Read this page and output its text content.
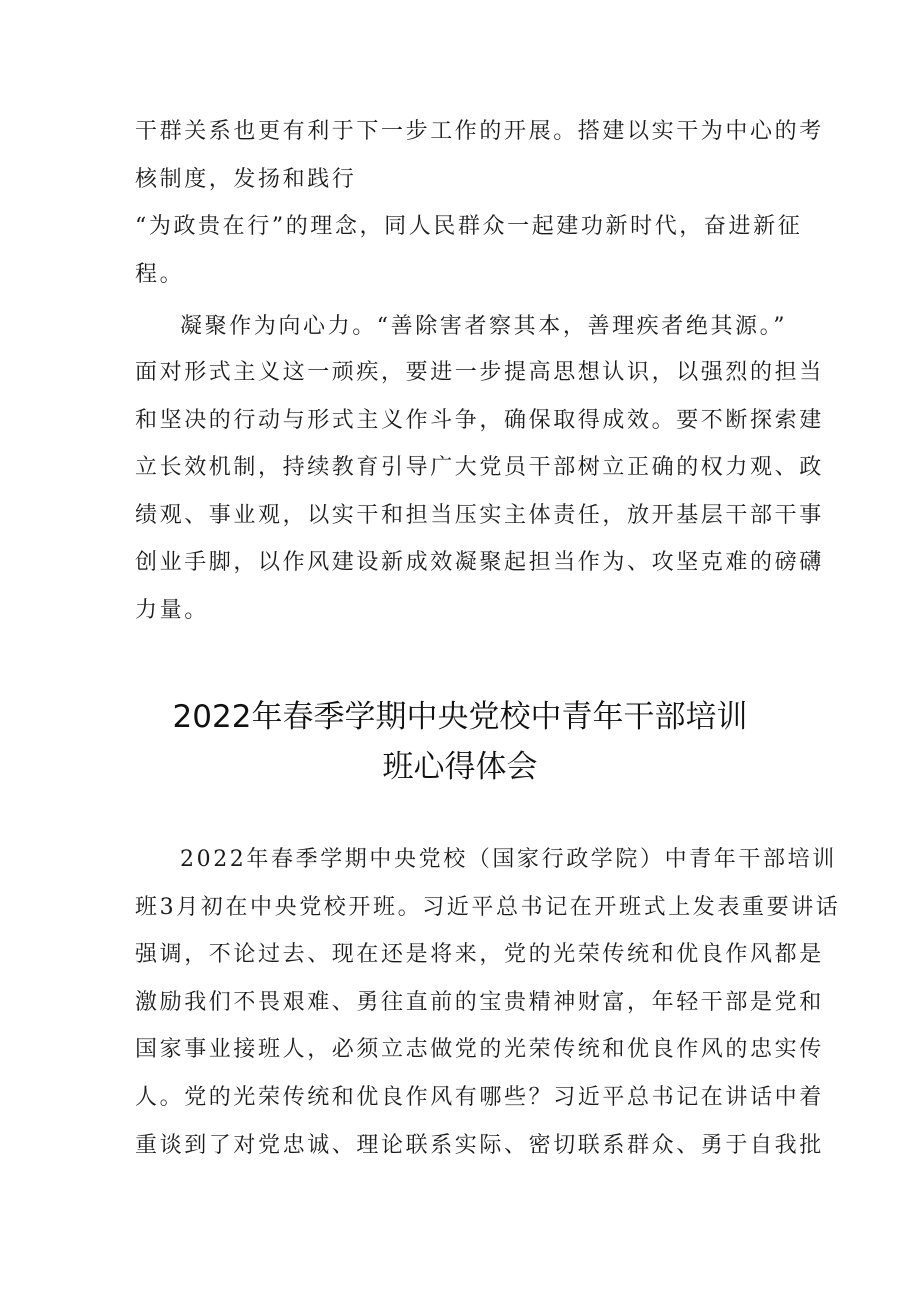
干群关系也更有利于下一步工作的开展。搭建以实干为中心的考
核制度，发扬和践行
“为政贵在行”的理念，同人民群众一起建功新时代，奋进新征
程。
凝聚作为向心力。“善除害者察其本，善理疾者绝其源。”
面对形式主义这一顽疾，要进一步提高思想认识，以强烈的担当
和坚决的行动与形式主义作斗争，确保取得成效。要不断探索建
立长效机制，持续教育引导广大党员干部树立正确的权力观、政
绩观、事业观，以实干和担当压实主体责任，放开基层干部干事
创业手脚，以作风建设新成效凝聚起担当作为、攻坚克难的磅礴
力量。
2022年春季学期中央党校中青年干部培训
班心得体会
2022年春季学期中央党校（国家行政学院）中青年干部培训
班3月初在中央党校开班。习近平总书记在开班式上发表重要讲话
强调，不论过去、现在还是将来，党的光荣传统和优良作风都是
激励我们不畏艰难、勇往直前的宝贵精神财富，年轻干部是党和
国家事业接班人，必须立志做党的光荣传统和优良作风的忠实传
人。党的光荣传统和优良作风有哪些？习近平总书记在讲话中着
重谈到了对党忠诚、理论联系实际、密切联系群众、勇于自我批
